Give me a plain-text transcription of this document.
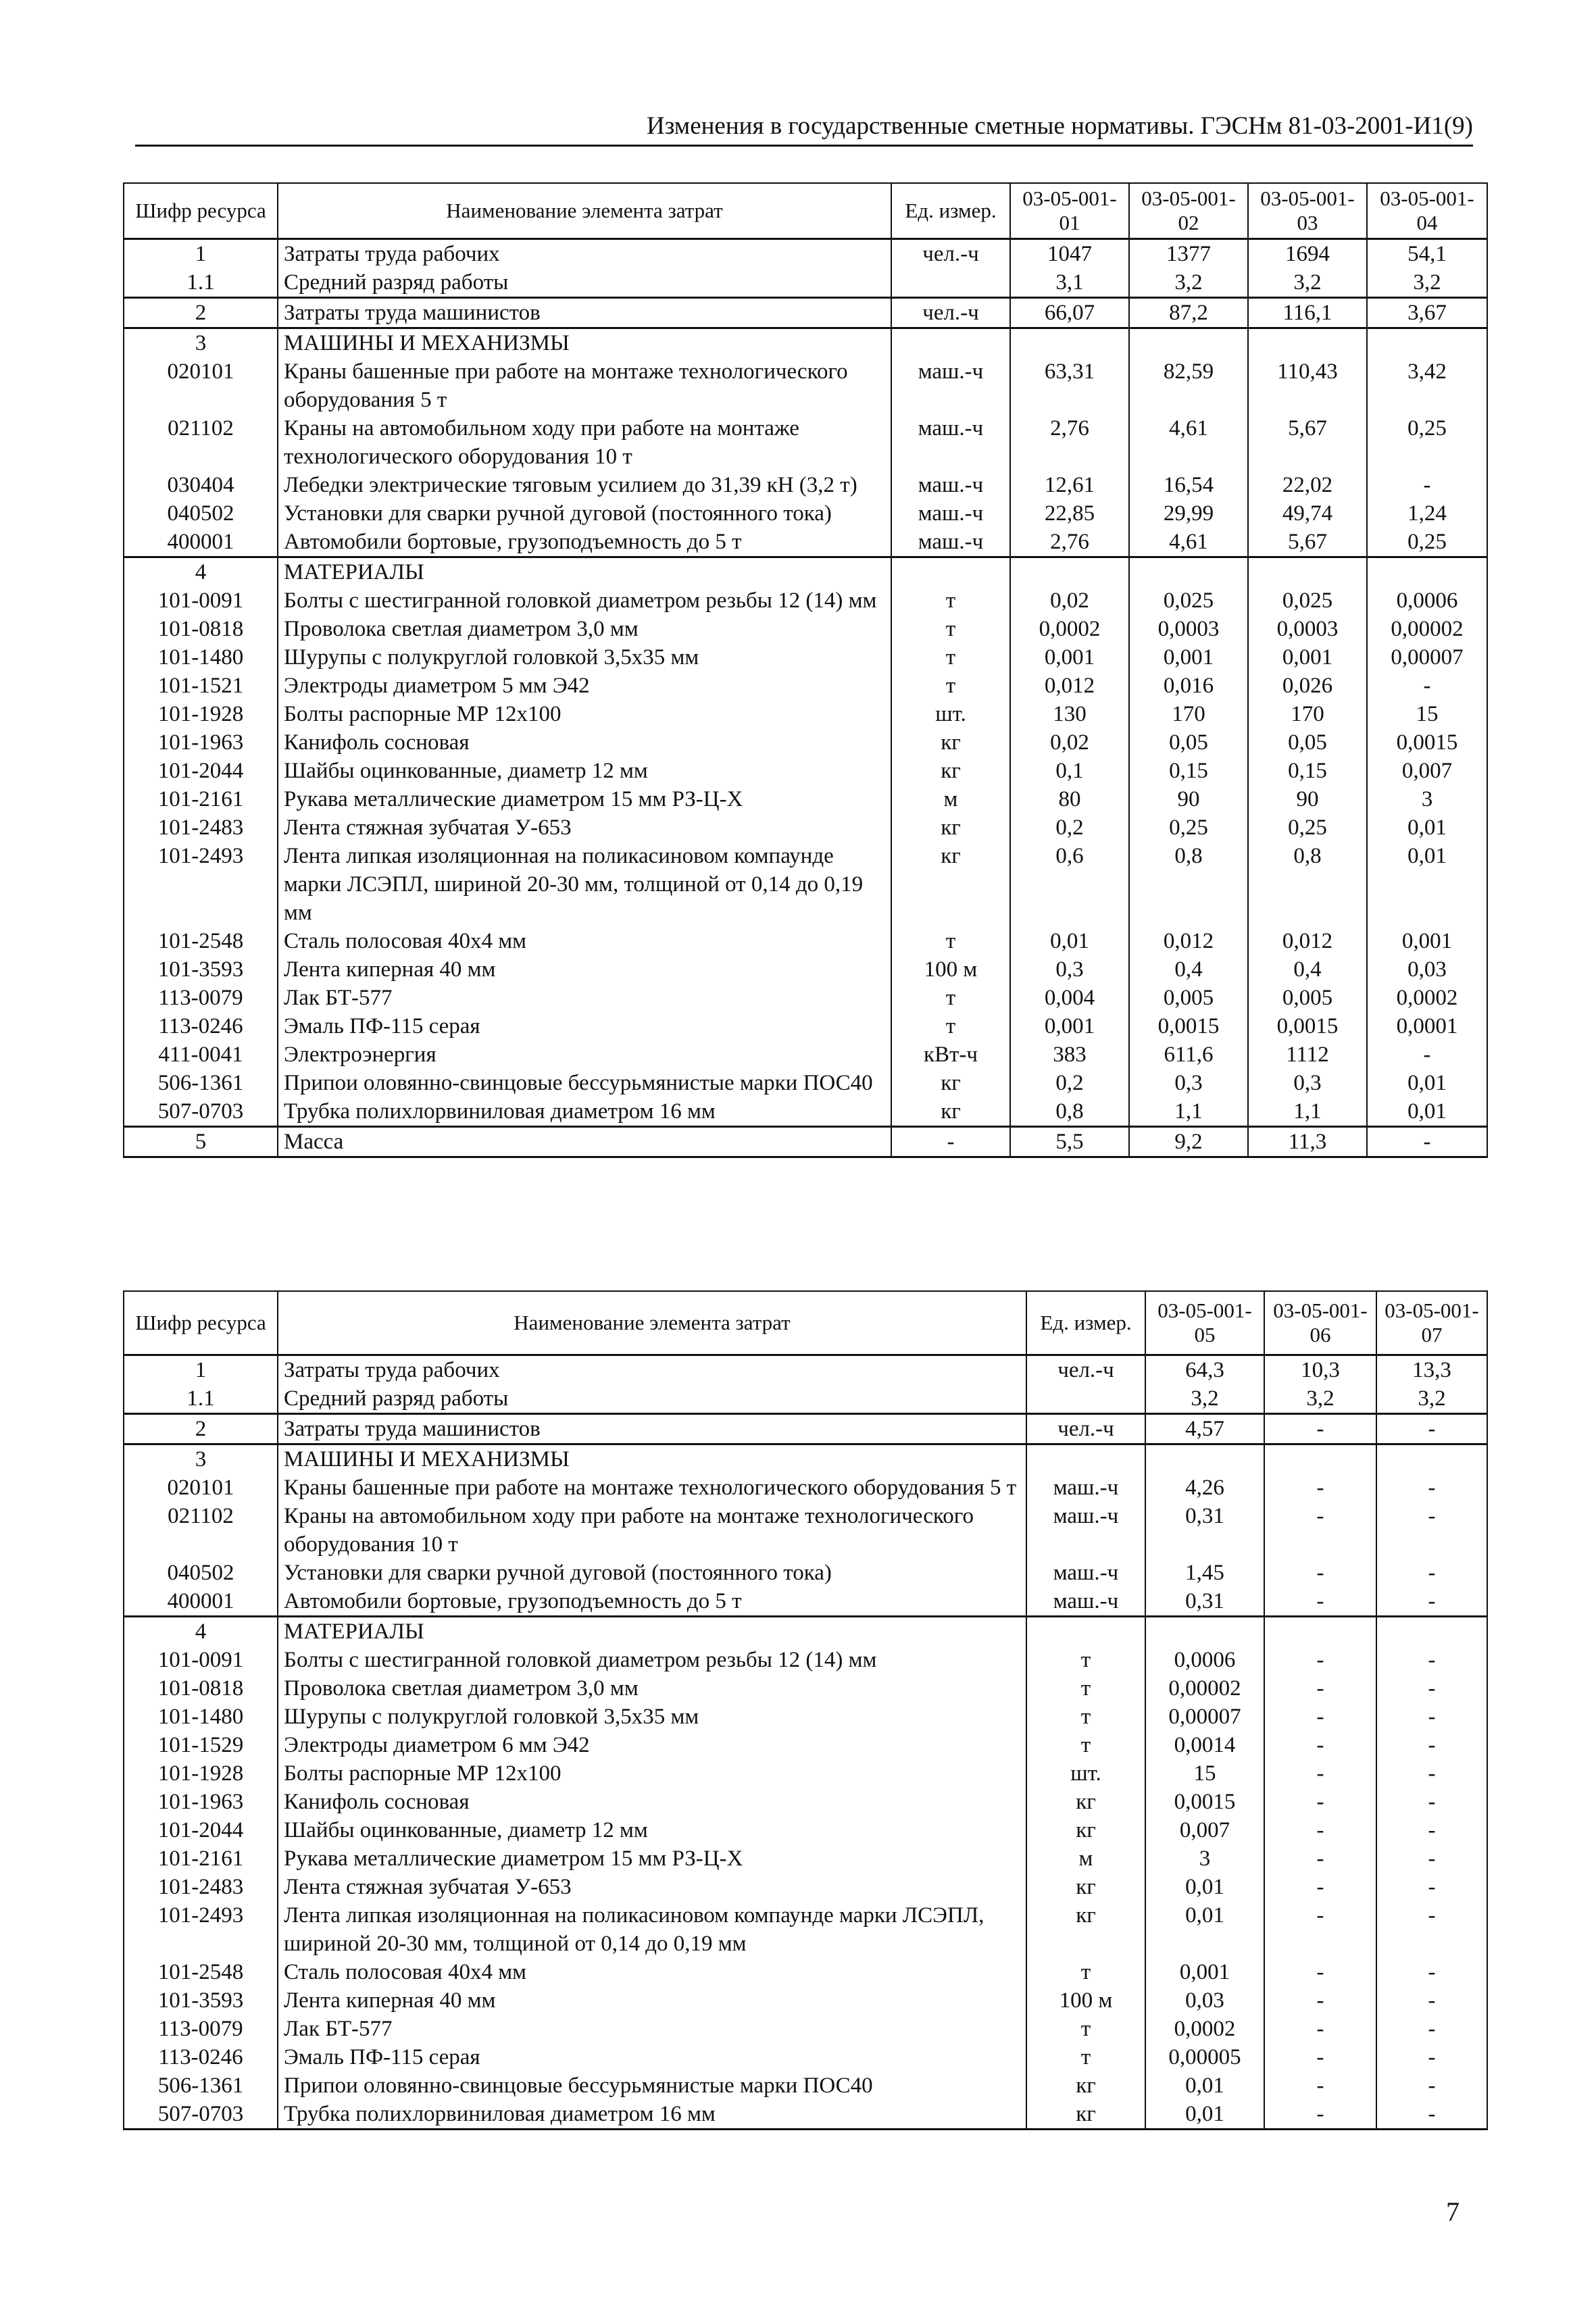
Изменения в государственные сметные нормативы. ГЭСНм 81-03-2001-И1(9)
Шифр ресурса	Наименование элемента затрат	Ед. измер.	03-05-001-01	03-05-001-02	03-05-001-03	03-05-001-04
1	Затраты труда рабочих	чел.-ч	1047	1377	1694	54,1
1.1	Средний разряд работы		3,1	3,2	3,2	3,2
2	Затраты труда машинистов	чел.-ч	66,07	87,2	116,1	3,67
3	МАШИНЫ И МЕХАНИЗМЫ					
020101	Краны башенные при работе на монтаже технологического оборудования 5 т	маш.-ч	63,31	82,59	110,43	3,42
021102	Краны на автомобильном ходу при работе на монтаже технологического оборудования 10 т	маш.-ч	2,76	4,61	5,67	0,25
030404	Лебедки электрические тяговым усилием до 31,39 кН (3,2 т)	маш.-ч	12,61	16,54	22,02	-
040502	Установки для сварки ручной дуговой (постоянного тока)	маш.-ч	22,85	29,99	49,74	1,24
400001	Автомобили бортовые, грузоподъемность до 5 т	маш.-ч	2,76	4,61	5,67	0,25
4	МАТЕРИАЛЫ					
101-0091	Болты с шестигранной головкой диаметром резьбы 12 (14) мм	т	0,02	0,025	0,025	0,0006
101-0818	Проволока светлая диаметром 3,0 мм	т	0,0002	0,0003	0,0003	0,00002
101-1480	Шурупы с полукруглой головкой 3,5х35 мм	т	0,001	0,001	0,001	0,00007
101-1521	Электроды диаметром 5 мм Э42	т	0,012	0,016	0,026	-
101-1928	Болты распорные МР 12х100	шт.	130	170	170	15
101-1963	Канифоль сосновая	кг	0,02	0,05	0,05	0,0015
101-2044	Шайбы оцинкованные, диаметр 12 мм	кг	0,1	0,15	0,15	0,007
101-2161	Рукава металлические диаметром 15 мм РЗ-Ц-Х	м	80	90	90	3
101-2483	Лента стяжная зубчатая У-653	кг	0,2	0,25	0,25	0,01
101-2493	Лента липкая изоляционная на поликасиновом компаунде марки ЛСЭПЛ, шириной 20-30 мм, толщиной от 0,14 до 0,19 мм	кг	0,6	0,8	0,8	0,01
101-2548	Сталь полосовая 40х4 мм	т	0,01	0,012	0,012	0,001
101-3593	Лента киперная 40 мм	100 м	0,3	0,4	0,4	0,03
113-0079	Лак БТ-577	т	0,004	0,005	0,005	0,0002
113-0246	Эмаль ПФ-115 серая	т	0,001	0,0015	0,0015	0,0001
411-0041	Электроэнергия	кВт-ч	383	611,6	1112	-
506-1361	Припои оловянно-свинцовые бессурьмянистые марки ПОС40	кг	0,2	0,3	0,3	0,01
507-0703	Трубка полихлорвиниловая диаметром 16 мм	кг	0,8	1,1	1,1	0,01
5	Масса	-	5,5	9,2	11,3	-
Шифр ресурса	Наименование элемента затрат	Ед. измер.	03-05-001-05	03-05-001-06	03-05-001-07
1	Затраты труда рабочих	чел.-ч	64,3	10,3	13,3
1.1	Средний разряд работы		3,2	3,2	3,2
2	Затраты труда машинистов	чел.-ч	4,57	-	-
3	МАШИНЫ И МЕХАНИЗМЫ				
020101	Краны башенные при работе на монтаже технологического оборудования 5 т	маш.-ч	4,26	-	-
021102	Краны на автомобильном ходу при работе на монтаже технологического оборудования 10 т	маш.-ч	0,31	-	-
040502	Установки для сварки ручной дуговой (постоянного тока)	маш.-ч	1,45	-	-
400001	Автомобили бортовые, грузоподъемность до 5 т	маш.-ч	0,31	-	-
4	МАТЕРИАЛЫ				
101-0091	Болты с шестигранной головкой диаметром резьбы 12 (14) мм	т	0,0006	-	-
101-0818	Проволока светлая диаметром 3,0 мм	т	0,00002	-	-
101-1480	Шурупы с полукруглой головкой 3,5х35 мм	т	0,00007	-	-
101-1529	Электроды диаметром 6 мм Э42	т	0,0014	-	-
101-1928	Болты распорные МР 12х100	шт.	15	-	-
101-1963	Канифоль сосновая	кг	0,0015	-	-
101-2044	Шайбы оцинкованные, диаметр 12 мм	кг	0,007	-	-
101-2161	Рукава металлические диаметром 15 мм РЗ-Ц-Х	м	3	-	-
101-2483	Лента стяжная зубчатая У-653	кг	0,01	-	-
101-2493	Лента липкая изоляционная на поликасиновом компаунде марки ЛСЭПЛ, шириной 20-30 мм, толщиной от 0,14 до 0,19 мм	кг	0,01	-	-
101-2548	Сталь полосовая 40х4 мм	т	0,001	-	-
101-3593	Лента киперная 40 мм	100 м	0,03	-	-
113-0079	Лак БТ-577	т	0,0002	-	-
113-0246	Эмаль ПФ-115 серая	т	0,00005	-	-
506-1361	Припои оловянно-свинцовые бессурьмянистые марки ПОС40	кг	0,01	-	-
507-0703	Трубка полихлорвиниловая диаметром 16 мм	кг	0,01	-	-
7
